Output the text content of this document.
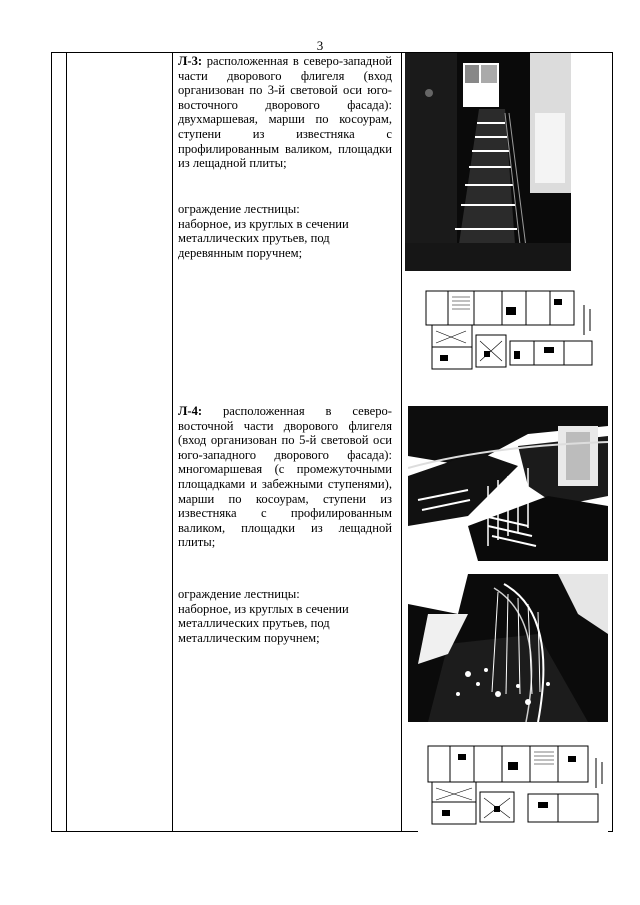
3
Л-3: расположенная в северо-западной части дворового флигеля (вход организован по 3-й световой оси юго-восточного дворового фасада): двухмаршевая, марши по косоурам, ступени из известняка с профилированным валиком, площадки из лещадной плиты;
ограждение лестницы:
наборное, из круглых в сечении металлических прутьев, под деревянным поручнем;
Л-4: расположенная в северо-восточной части дворового флигеля (вход организован по 5-й световой оси юго-западного дворового фасада): многомаршевая (с промежуточными площадками и забежными ступенями), марши по косоурам, ступени из известняка с профилированным валиком, площадки из лещадной плиты;
ограждение лестницы:
наборное, из круглых в сечении металлических прутьев, под металлическим поручнем;
